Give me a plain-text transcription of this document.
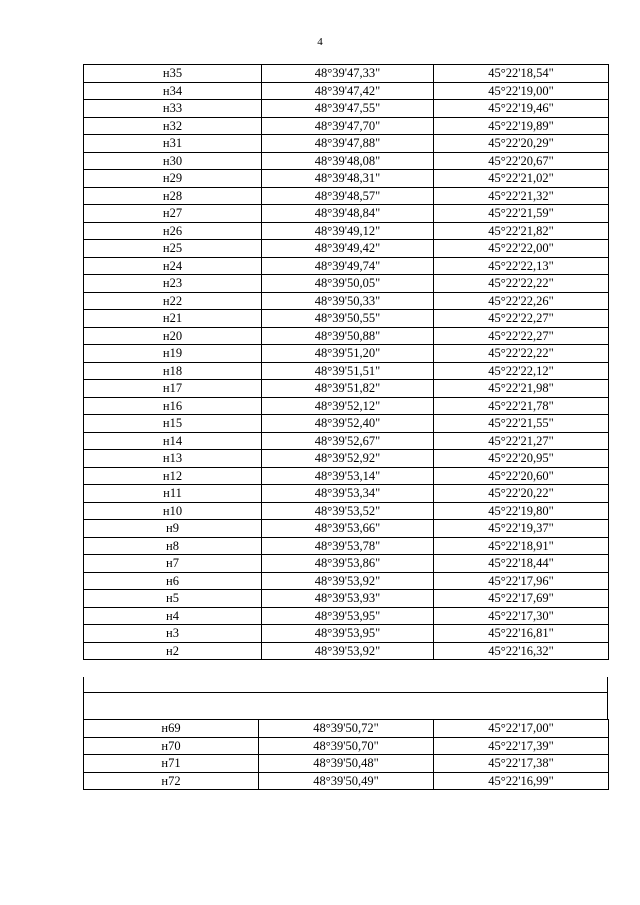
4
н35	48°39'47,33"	45°22'18,54"
н34	48°39'47,42"	45°22'19,00"
н33	48°39'47,55"	45°22'19,46"
н32	48°39'47,70"	45°22'19,89"
н31	48°39'47,88"	45°22'20,29"
н30	48°39'48,08"	45°22'20,67"
н29	48°39'48,31"	45°22'21,02"
н28	48°39'48,57"	45°22'21,32"
н27	48°39'48,84"	45°22'21,59"
н26	48°39'49,12"	45°22'21,82"
н25	48°39'49,42"	45°22'22,00"
н24	48°39'49,74"	45°22'22,13"
н23	48°39'50,05"	45°22'22,22"
н22	48°39'50,33"	45°22'22,26"
н21	48°39'50,55"	45°22'22,27"
н20	48°39'50,88"	45°22'22,27"
н19	48°39'51,20"	45°22'22,22"
н18	48°39'51,51"	45°22'22,12"
н17	48°39'51,82"	45°22'21,98"
н16	48°39'52,12"	45°22'21,78"
н15	48°39'52,40"	45°22'21,55"
н14	48°39'52,67"	45°22'21,27"
н13	48°39'52,92"	45°22'20,95"
н12	48°39'53,14"	45°22'20,60"
н11	48°39'53,34"	45°22'20,22"
н10	48°39'53,52"	45°22'19,80"
н9	48°39'53,66"	45°22'19,37"
н8	48°39'53,78"	45°22'18,91"
н7	48°39'53,86"	45°22'18,44"
н6	48°39'53,92"	45°22'17,96"
н5	48°39'53,93"	45°22'17,69"
н4	48°39'53,95"	45°22'17,30"
н3	48°39'53,95"	45°22'16,81"
н2	48°39'53,92"	45°22'16,32"
н69	48°39'50,72"	45°22'17,00"
н70	48°39'50,70"	45°22'17,39"
н71	48°39'50,48"	45°22'17,38"
н72	48°39'50,49"	45°22'16,99"
